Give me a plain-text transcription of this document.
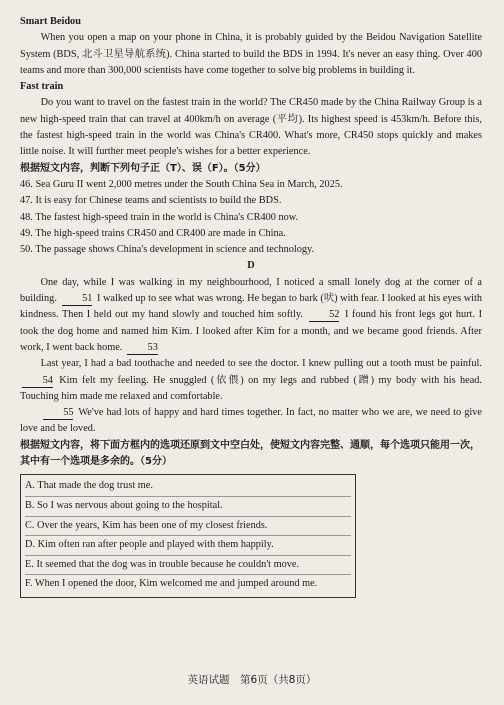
Smart Beidou

When you open a map on your phone in China, it is probably guided by the Beidou Navigation Satellite System (BDS, 北斗卫星导航系统). China started to build the BDS in 1994. It's never an easy thing. Over 400 teams and more than 300,000 scientists have come together to solve big problems in building it.

Fast train

Do you want to travel on the fastest train in the world? The CR450 made by the China Railway Group is a new high-speed train that can travel at 400km/h on average (平均). Its highest speed is 453km/h. Before this, the fastest high-speed train in the world was China's CR400. What's more, CR450 stops quickly and makes little noise. It will further meet people's wishes for a better experience.

根据短文内容，判断下列句子正（T）、误（F）。（5分）

46. Sea Guru II went 2,000 metres under the South China Sea in March, 2025.

47. It is easy for Chinese teams and scientists to build the BDS.

48. The fastest high-speed train in the world is China's CR400 now.

49. The high-speed trains CR450 and CR400 are made in China.

50. The passage shows China's development in science and technology.

D

One day, while I was walking in my neighbourhood, I noticed a small lonely dog at the corner of a building. 51 I walked up to see what was wrong. He began to bark (吠) with fear. I looked at his eyes with kindness. Then I held out my hand slowly and touched him softly.	52 I found his front legs got hurt. I took the dog home and named him Kim. I looked after Kim for a month, and we became good friends. After work, I went back home. 53

Last year, I had a bad toothache and needed to see the doctor. I knew pulling out a tooth must be painful. 54 Kim felt my feeling. He snuggled (依偎) on my legs and rubbed (蹭) my body with his head. Touching him made me relaxed and comfortable.

55 We've had lots of happy and hard times together. In fact, no matter who we are, we need to give love and be loved.

根据短文内容，将下面方框内的选项还原到文中空白处，使短文内容完整、通顺，每个选项只能用一次，其中有一个选项是多余的。（5分）

A. That made the dog trust me.

B. So I was nervous about going to the hospital.

C. Over the years, Kim has been one of my closest friends.

D. Kim often ran after people and played with them happily.

E. It seemed that the dog was in trouble because he couldn't move.

F. When I opened the door, Kim welcomed me and jumped around me.

英语试题　第6页（共8页）
